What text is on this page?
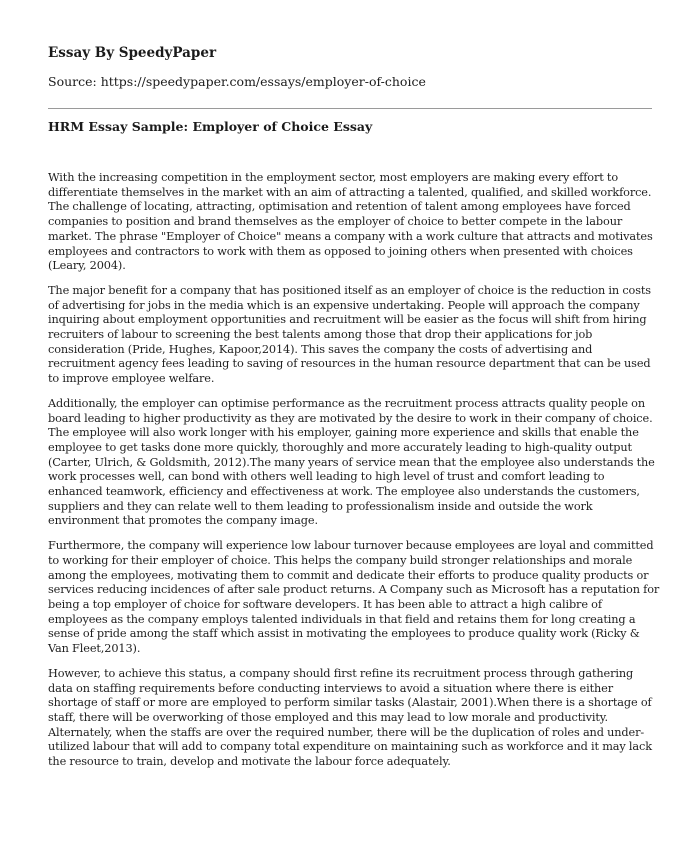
Essay By SpeedyPaper

Source: https://speedypaper.com/essays/employer-of-choice

HRM Essay Sample: Employer of Choice Essay

With the increasing competition in the employment sector, most employers are making every effort to differentiate themselves in the market with an aim of attracting a talented, qualified, and skilled workforce. The challenge of locating, attracting, optimisation and retention of talent among employees have forced companies to position and brand themselves as the employer of choice to better compete in the labour market. The phrase "Employer of Choice" means a company with a work culture that attracts and motivates employees and contractors to work with them as opposed to joining others when presented with choices (Leary, 2004).

The major benefit for a company that has positioned itself as an employer of choice is the reduction in costs of advertising for jobs in the media which is an expensive undertaking. People will approach the company inquiring about employment opportunities and recruitment will be easier as the focus will shift from hiring recruiters of labour to screening the best talents among those that drop their applications for job consideration (Pride, Hughes, Kapoor,2014). This saves the company the costs of advertising and recruitment agency fees leading to saving of resources in the human resource department that can be used to improve employee welfare.

Additionally, the employer can optimise performance as the recruitment process attracts quality people on board leading to higher productivity as they are motivated by the desire to work in their company of choice. The employee will also work longer with his employer, gaining more experience and skills that enable the employee to get tasks done more quickly, thoroughly and more accurately leading to high-quality output (Carter, Ulrich, & Goldsmith, 2012).The many years of service mean that the employee also understands the work processes well, can bond with others well leading to high level of trust and comfort leading to enhanced teamwork, efficiency and effectiveness at work. The employee also understands the customers, suppliers and they can relate well to them leading to professionalism inside and outside the work environment that promotes the company image.

Furthermore, the company will experience low labour turnover because employees are loyal and committed to working for their employer of choice. This helps the company build stronger relationships and morale among the employees, motivating them to commit and dedicate their efforts to produce quality products or services reducing incidences of after sale product returns. A Company such as Microsoft has a reputation for being a top employer of choice for software developers. It has been able to attract a high calibre of employees as the company employs talented individuals in that field and retains them for long creating a sense of pride among the staff which assist in motivating the employees to produce quality work (Ricky & Van Fleet,2013).

However, to achieve this status, a company should first refine its recruitment process through gathering data on staffing requirements before conducting interviews to avoid a situation where there is either shortage of staff or more are employed to perform similar tasks (Alastair, 2001).When there is a shortage of staff, there will be overworking of those employed and this may lead to low morale and productivity. Alternately, when the staffs are over the required number, there will be the duplication of roles and under-utilized labour that will add to company total expenditure on maintaining such as workforce and it may lack the resource to train, develop and motivate the labour force adequately.
